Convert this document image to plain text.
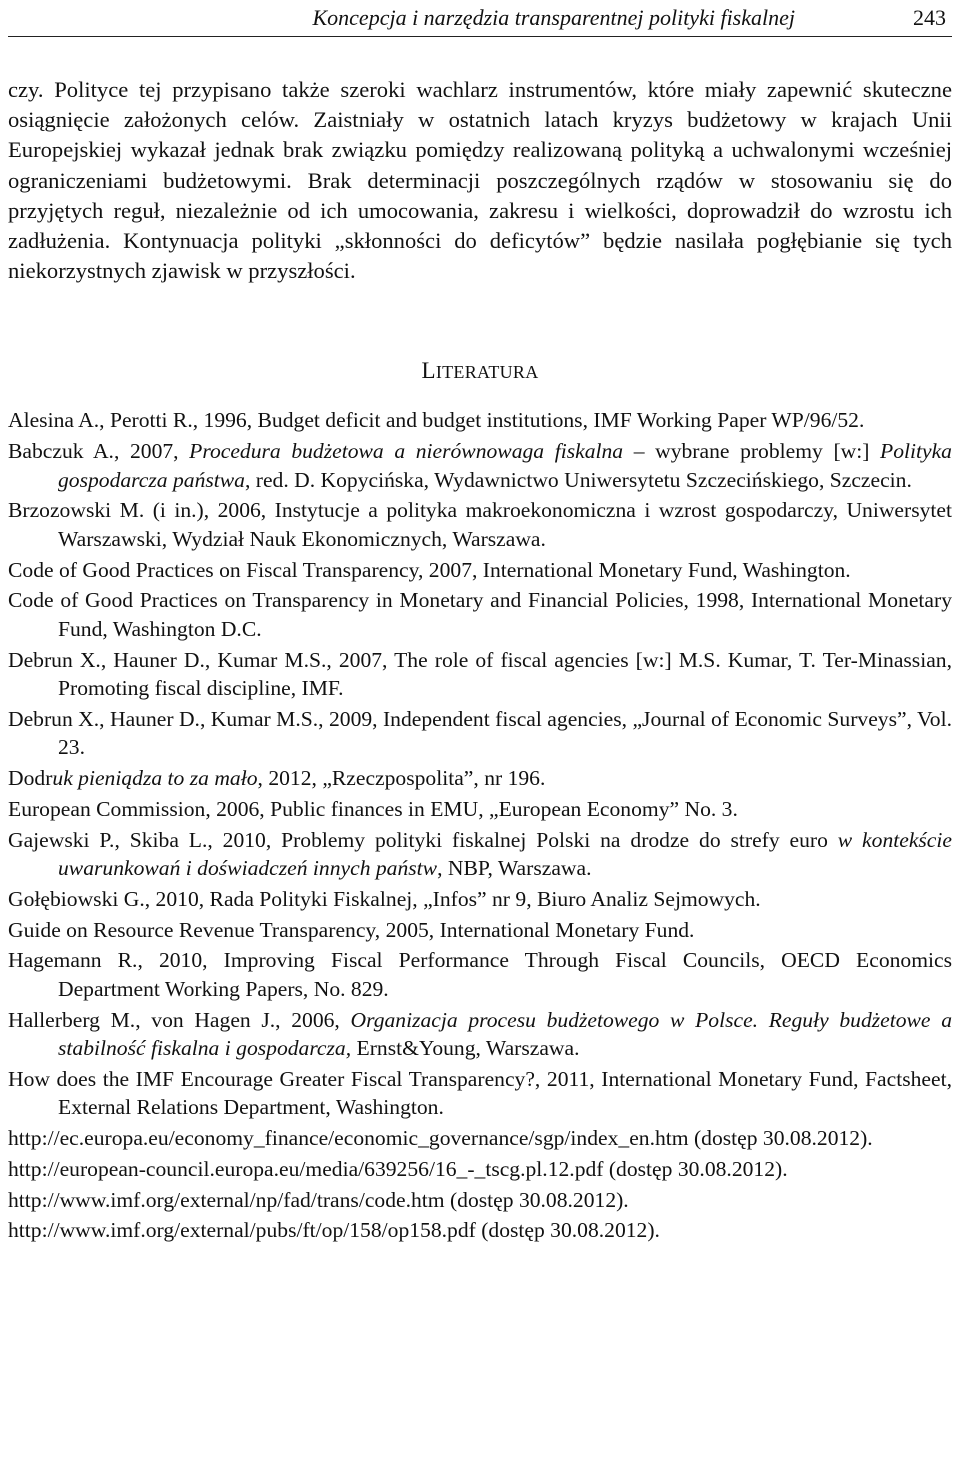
Koncepcja i narzędzia transparentnej polityki fiskalnej	243

czy. Polityce tej przypisano także szeroki wachlarz instrumentów, które miały zapewnić skuteczne osiągnięcie założonych celów. Zaistniały w ostatnich latach kryzys budżetowy w krajach Unii Europejskiej wykazał jednak brak związku pomiędzy realizowaną polityką a uchwalonymi wcześniej ograniczeniami budżetowymi. Brak determinacji poszczególnych rządów w stosowaniu się do przyjętych reguł, niezależnie od ich umocowania, zakresu i wielkości, doprowadził do wzrostu ich zadłużenia. Kontynuacja polityki „skłonności do deficytów” będzie nasilała pogłębianie się tych niekorzystnych zjawisk w przyszłości.

LITERATURA
Alesina A., Perotti R., 1996, Budget deficit and budget institutions, IMF Working Paper WP/96/52.
Babczuk A., 2007, Procedura budżetowa a nierównowaga fiskalna – wybrane problemy [w:] Polityka gospodarcza państwa, red. D. Kopycińska, Wydawnictwo Uniwersytetu Szczecińskiego, Szczecin.
Brzozowski M. (i in.), 2006, Instytucje a polityka makroekonomiczna i wzrost gospodarczy, Uniwersytet Warszawski, Wydział Nauk Ekonomicznych, Warszawa.
Code of Good Practices on Fiscal Transparency, 2007, International Monetary Fund, Washington.
Code of Good Practices on Transparency in Monetary and Financial Policies, 1998, International Monetary Fund, Washington D.C.
Debrun X., Hauner D., Kumar M.S., 2007, The role of fiscal agencies [w:] M.S. Kumar, T. Ter-Minassian, Promoting fiscal discipline, IMF.
Debrun X., Hauner D., Kumar M.S., 2009, Independent fiscal agencies, „Journal of Economic Surveys”, Vol. 23.
Dodruk pieniądza to za mało, 2012, „Rzeczpospolita”, nr 196.
European Commission, 2006, Public finances in EMU, „European Economy” No. 3.
Gajewski P., Skiba L., 2010, Problemy polityki fiskalnej Polski na drodze do strefy euro w kontekście uwarunkowań i doświadczeń innych państw, NBP, Warszawa.
Gołębiowski G., 2010, Rada Polityki Fiskalnej, „Infos” nr 9, Biuro Analiz Sejmowych.
Guide on Resource Revenue Transparency, 2005, International Monetary Fund.
Hagemann R., 2010, Improving Fiscal Performance Through Fiscal Councils, OECD Economics Department Working Papers, No. 829.
Hallerberg M., von Hagen J., 2006, Organizacja procesu budżetowego w Polsce. Reguły budżetowe a stabilność fiskalna i gospodarcza, Ernst&Young, Warszawa.
How does the IMF Encourage Greater Fiscal Transparency?, 2011, International Monetary Fund, Factsheet, External Relations Department, Washington.
http://ec.europa.eu/economy_finance/economic_governance/sgp/index_en.htm (dostęp 30.08.2012).
http://european-council.europa.eu/media/639256/16_-_tscg.pl.12.pdf (dostęp 30.08.2012).
http://www.imf.org/external/np/fad/trans/code.htm (dostęp 30.08.2012).
http://www.imf.org/external/pubs/ft/op/158/op158.pdf (dostęp 30.08.2012).
